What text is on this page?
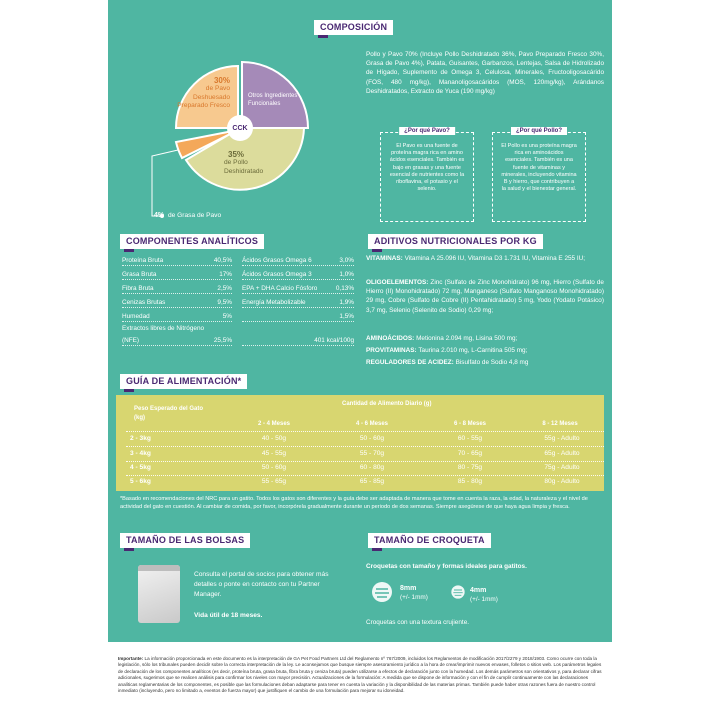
COMPOSICIÓN
CCK
30%
de Pavo Deshuesado Preparado Fresco
Otros Ingredientes Funcionales
35%
de Pollo Deshidratado
4% de Grasa de Pavo
Pollo y Pavo 70% (Incluye Pollo Deshidratado 36%, Pavo Preparado Fresco 30%, Grasa de Pavo 4%), Patata, Guisantes, Garbanzos, Lentejas, Salsa de Hidrolizado de Hígado, Suplemento de Omega 3, Celulosa, Minerales, Fructooligosacárido (FOS, 480 mg/kg), Mananoligosacáridos (MOS, 120mg/kg), Arándanos Deshidratados, Extracto de Yuca (190 mg/kg)
¿Por qué Pavo?
El Pavo es una fuente de proteína magra rica en amino ácidos esenciales. También es bajo en grasas y una fuente esencial de nutrientes como la riboflavina, el potasio y el selenio.
¿Por qué Pollo?
El Pollo es una proteína magra rica en aminoácidos esenciales. También es una fuente de vitaminas y minerales, incluyendo vitamina B y hierro, que contribuyen a la salud y el bienestar general.
COMPONENTES ANALÍTICOS
Proteína Bruta	40,5%
Grasa Bruta	17%
Fibra Bruta	2,5%
Cenizas Brutas	9,5%
Humedad	5%
Extractos libres de Nitrógeno
(NFE)	25,5%
Ácidos Grasos Omega 6	3,0%
Ácidos Grasos Omega 3	1,0%
EPA + DHA Calcio Fósforo	0,13%
Energía Metabolizable	1,9%
1,5%
401 kcal/100g
ADITIVOS NUTRICIONALES POR KG
VITAMINAS: Vitamina A 25.096 IU, Vitamina D3 1.731 IU, Vitamina E 255 IU;
OLIGOELEMENTOS: Zinc (Sulfato de Zinc Monohidrato) 96 mg, Hierro (Sulfato de Hierro (II) Monohidratado) 72 mg, Manganeso (Sulfato Manganoso Monohidratado) 29 mg, Cobre (Sulfato de Cobre (II) Pentahidratado) 5 mg, Yodo (Yodato Potásico) 3,7 mg, Selenio (Selenito de Sodio) 0,29 mg;
AMINOÁCIDOS: Metionina 2.094 mg, Lisina 500 mg;
PROVITAMINAS: Taurina 2.010 mg, L-Carnitina 505 mg;
REGULADORES DE ACIDEZ: Bisulfato de Sodio 4,8 mg
GUÍA DE ALIMENTACIÓN*
Peso Esperado del Gato (kg)
Cantidad de Alimento Diario (g)
2 - 4 Meses	4 - 6 Meses	6 - 8 Meses	8 - 12 Meses
2 - 3kg	40 - 50g	50 - 60g	60 - 55g	55g - Adulto
3 - 4kg	45 - 55g	55 - 70g	70 - 65g	65g - Adulto
4 - 5kg	50 - 60g	60 - 80g	80 - 75g	75g - Adulto
5 - 6kg	55 - 65g	65 - 85g	85 - 80g	80g - Adulto
*Basado en recomendaciones del NRC para un gatito. Todos los gatos son diferentes y la guía debe ser adaptada de manera que tome en cuenta la raza, la edad, la naturaleza y el nivel de actividad del gato en cuestión. Al cambiar de comida, por favor, incorpórela gradualmente durante un periodo de dos semanas. Siempre asegúrese de que haya agua limpia y fresca.
TAMAÑO DE LAS BOLSAS
Consulta el portal de socios para obtener más detalles o ponte en contacto con tu Partner Manager.
Vida útil de 18 meses.
TAMAÑO DE CROQUETA
Croquetas con tamaño y formas ideales para gatitos.
8mm
(+/- 1mm)
4mm
(+/- 1mm)
Croquetas con una textura crujiente.
Importante: La información proporcionada en este documento es la interpretación de GA Pet Food Partners Ltd del Reglamento nº 767/2009, incluidos los Reglamentos de modificación 2017/2279 y 2018/1903. Como ocurre con toda la legislación, sólo los tribunales pueden decidir sobre la correcta interpretación de la ley. Le aconsejamos que busque siempre asesoramiento jurídico a la hora de crear/imprimir nuevos envases, folletos o sitios web. Los parámetros legales de declaración de los componentes analíticos (es decir, proteína bruta, grasa bruta, fibra bruta y ceniza bruta) pueden utilizarse a efectos de declaración junto con la humedad. Los demás parámetros son orientativos y, para declarar cifras adicionales, sugerimos que se realicen análisis para confirmar los niveles con mayor precisión. Actualizaciones de la formulación: A medida que se dispone de información y con el fin de cumplir continuamente con las declaraciones analíticas reglamentarias de los componentes, es posible que las formulaciones deban adaptarse para tener en cuenta la variación y la disponibilidad de las materias primas. También puede haber otras razones fuera de nuestro control inmediato (incluyendo, pero no limitado a, eventos de fuerza mayor) que justifiquen el cambio de una formulación para mejorar su idoneidad.
